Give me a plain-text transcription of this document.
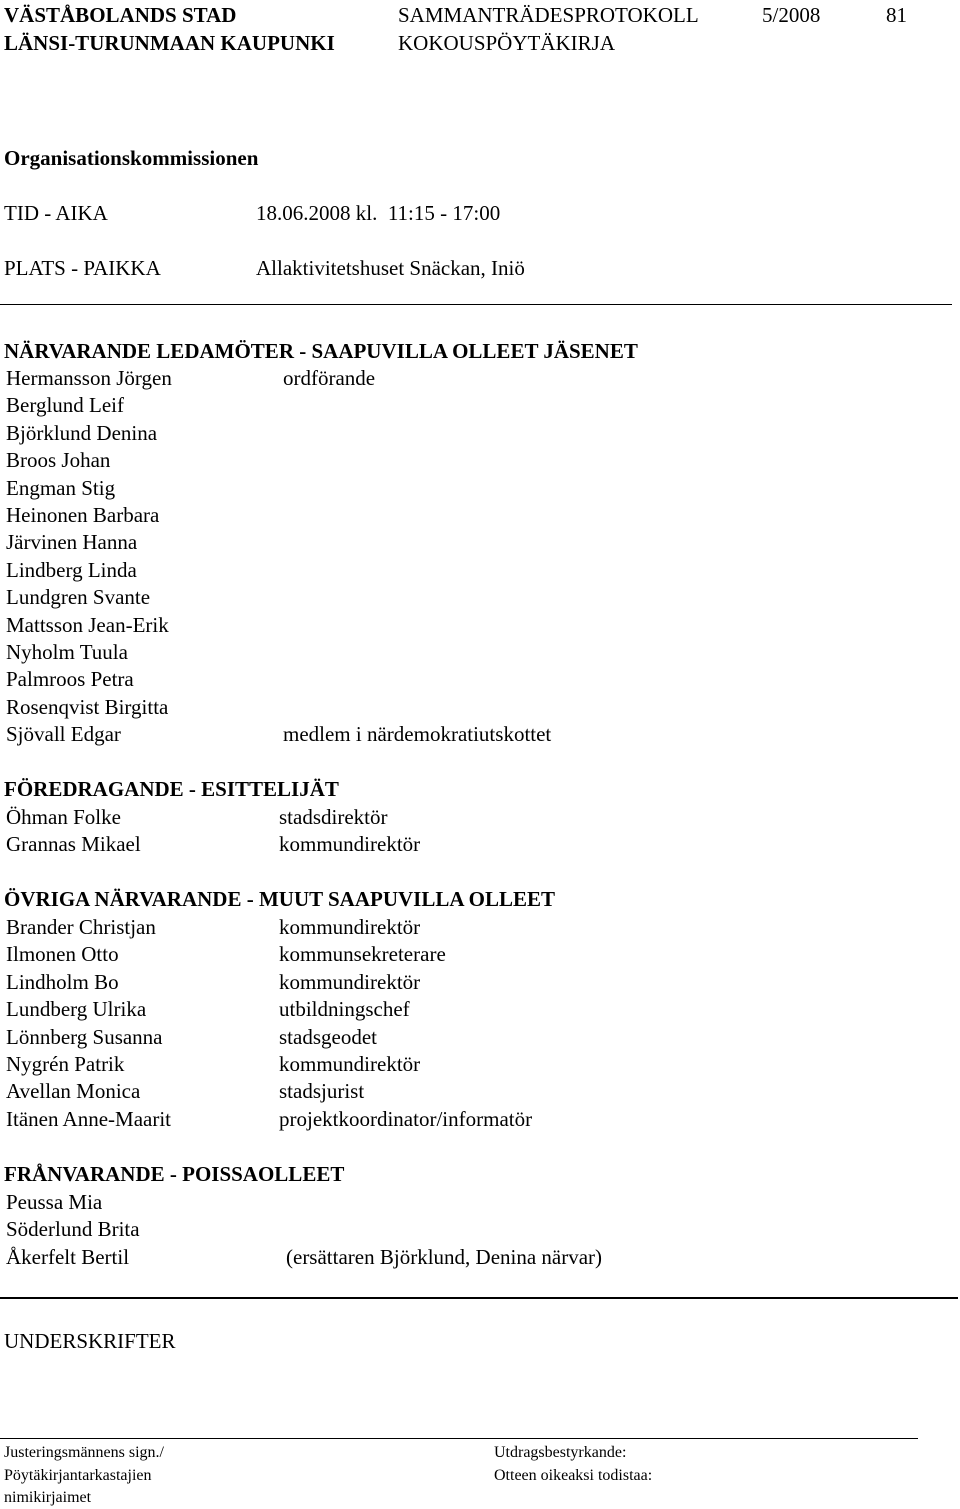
VÄSTÅBOLANDS STAD
LÄNSI-TURUNMAAN KAUPUNKI
SAMMANTRÄDESPROTOKOLL
KOKOUSPÖYTÄKIRJA
5/2008	81
Organisationskommissionen
TID - AIKA	18.06.2008 kl.  11:15 - 17:00
PLATS - PAIKKA	Allaktivitetshuset Snäckan, Iniö
NÄRVARANDE LEDAMÖTER - SAAPUVILLA OLLEET JÄSENET
Hermansson Jörgen	ordförande
Berglund Leif
Björklund Denina
Broos Johan
Engman Stig
Heinonen Barbara
Järvinen Hanna
Lindberg Linda
Lundgren Svante
Mattsson Jean-Erik
Nyholm Tuula
Palmroos Petra
Rosenqvist Birgitta
Sjövall Edgar	medlem i närdemokratiutskottet
FÖREDRAGANDE - ESITTELIJÄT
Öhman Folke	stadsdirektör
Grannas Mikael	kommundirektör
ÖVRIGA NÄRVARANDE - MUUT SAAPUVILLA OLLEET
Brander Christjan	kommundirektör
Ilmonen Otto	kommunsekreterare
Lindholm Bo	kommundirektör
Lundberg Ulrika	utbildningschef
Lönnberg Susanna	stadsgeodet
Nygrén Patrik	kommundirektör
Avellan Monica	stadsjurist
Itänen Anne-Maarit	projektkoordinator/informatör
FRÅNVARANDE - POISSAOLLEET
Peussa Mia
Söderlund Brita
Åkerfelt Bertil	(ersättaren Björklund, Denina närvar)
UNDERSKRIFTER
Justeringsmännens sign./
Pöytäkirjantarkastajien
nimikirjaimet
Utdragsbestyrkande:
Otteen oikeaksi todistaa:
